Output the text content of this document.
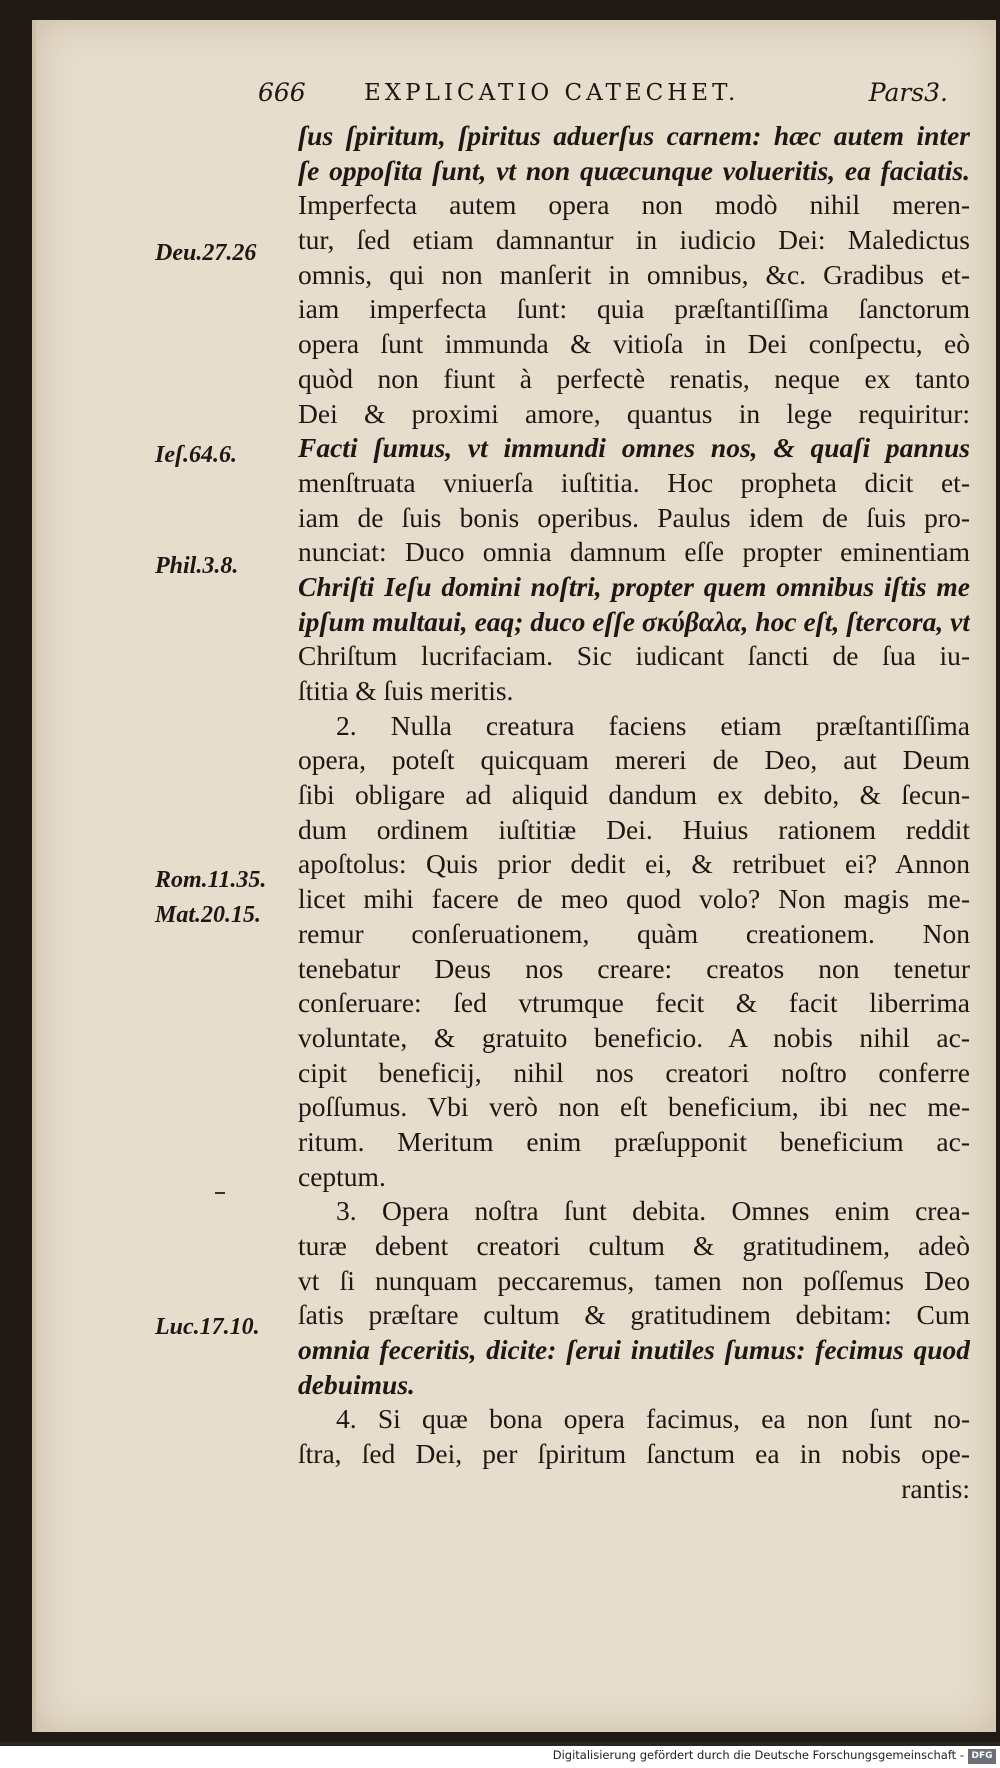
666	EXPLICATIO CATECHET.	Pars3.
ſus ſpiritum, ſpiritus aduerſus carnem: hæc autem inter
ſe oppoſita ſunt, vt non quæcunque volueritis, ea faciatis.
Imperfecta autem opera non modò nihil meren-
tur, ſed etiam damnantur in iudicio Dei: Maledictus
omnis, qui non manſerit in omnibus, &c. Gradibus et-
iam imperfecta ſunt: quia præſtantiſſima ſanctorum
opera ſunt immunda & vitioſa in Dei conſpectu, eò
quòd non fiunt à perfectè renatis, neque ex tanto
Dei & proximi amore, quantus in lege requiritur:
Facti ſumus, vt immundi omnes nos, & quaſi pannus
menſtruata vniuerſa iuſtitia. Hoc propheta dicit et-
iam de ſuis bonis operibus. Paulus idem de ſuis pro-
nunciat: Duco omnia damnum eſſe propter eminentiam
Chriſti Ieſu domini noſtri, propter quem omnibus iſtis me
ipſum multaui, eaq; duco eſſe σκύβαλα, hoc eſt, ſtercora, vt
Chriſtum lucrifaciam. Sic iudicant ſancti de ſua iu-
ſtitia & ſuis meritis.
2. Nulla creatura faciens etiam præſtantiſſima
opera, poteſt quicquam mereri de Deo, aut Deum
ſibi obligare ad aliquid dandum ex debito, & ſecun-
dum ordinem iuſtitiæ Dei. Huius rationem reddit
apoſtolus: Quis prior dedit ei, & retribuet ei? Annon
licet mihi facere de meo quod volo? Non magis me-
remur conſeruationem, quàm creationem. Non
tenebatur Deus nos creare: creatos non tenetur
conſeruare: ſed vtrumque fecit & facit liberrima
voluntate, & gratuito beneficio. A nobis nihil ac-
cipit beneficij, nihil nos creatori noſtro conferre
poſſumus. Vbi verò non eſt beneficium, ibi nec me-
ritum. Meritum enim præſupponit beneficium ac-
ceptum.
3. Opera noſtra ſunt debita. Omnes enim crea-
turæ debent creatori cultum & gratitudinem, adeò
vt ſi nunquam peccaremus, tamen non poſſemus Deo
ſatis præſtare cultum & gratitudinem debitam: Cum
omnia feceritis, dicite: ſerui inutiles ſumus: fecimus quod
debuimus.
4. Si quæ bona opera facimus, ea non ſunt no-
ſtra, ſed Dei, per ſpiritum ſanctum ea in nobis ope-
rantis:
Deu.27.26
Ieſ.64.6.
Phil.3.8.
Rom.11.35.
Mat.20.15.
Luc.17.10.
Digitalisierung gefördert durch die Deutsche Forschungsgemeinschaft - DFG
